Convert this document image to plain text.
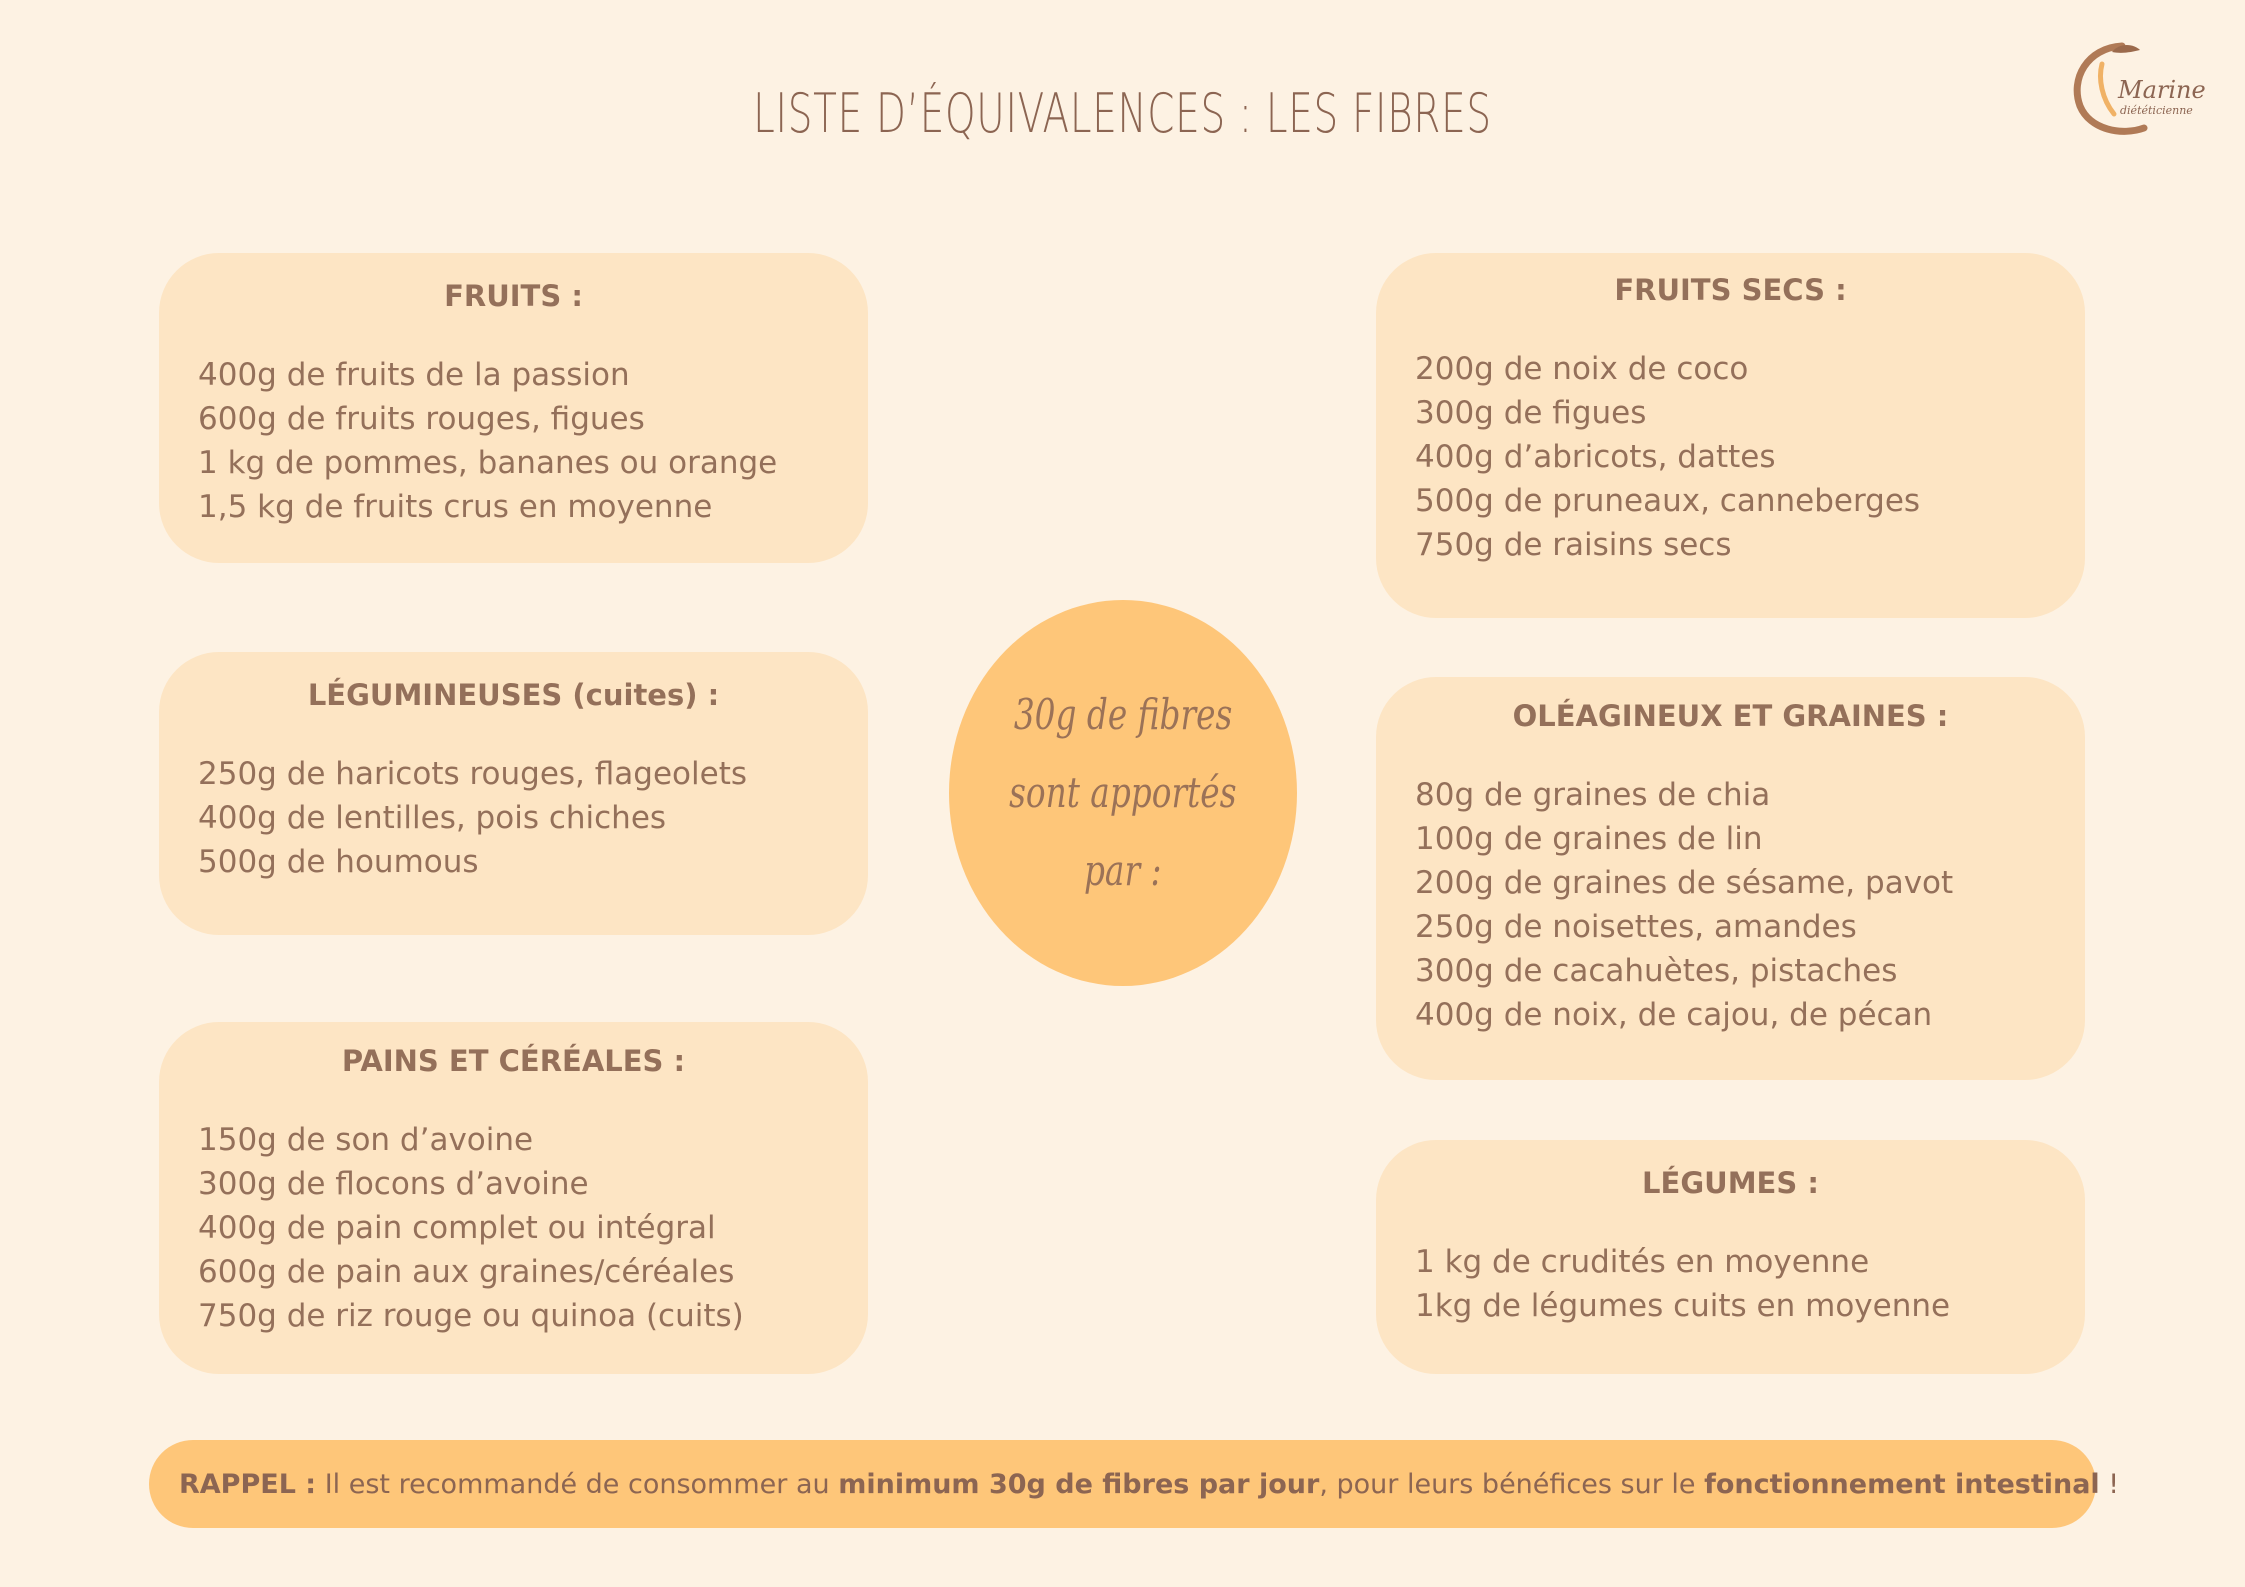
LISTE D’ÉQUIVALENCES : LES FIBRES	Marine
diététicienne
FRUITS :
400g de fruits de la passion
600g de fruits rouges, figues
1 kg de pommes, bananes ou orange
1,5 kg de fruits crus en moyenne
LÉGUMINEUSES (cuites) :
250g de haricots rouges, flageolets
400g de lentilles, pois chiches
500g de houmous
PAINS ET CÉRÉALES :
150g de son d’avoine
300g de flocons d’avoine
400g de pain complet ou intégral
600g de pain aux graines/céréales
750g de riz rouge ou quinoa (cuits)
30g de fibres
sont apportés
par :
FRUITS SECS :
200g de noix de coco
300g de figues
400g d’abricots, dattes
500g de pruneaux, canneberges
750g de raisins secs
OLÉAGINEUX ET GRAINES :
80g de graines de chia
100g de graines de lin
200g de graines de sésame, pavot
250g de noisettes, amandes
300g de cacahuètes, pistaches
400g de noix, de cajou, de pécan
LÉGUMES :
1 kg de crudités en moyenne
1kg de légumes cuits en moyenne
RAPPEL : Il est recommandé de consommer au minimum 30g de fibres par jour , pour leurs bénéfices sur le fonctionnement intestinal !
